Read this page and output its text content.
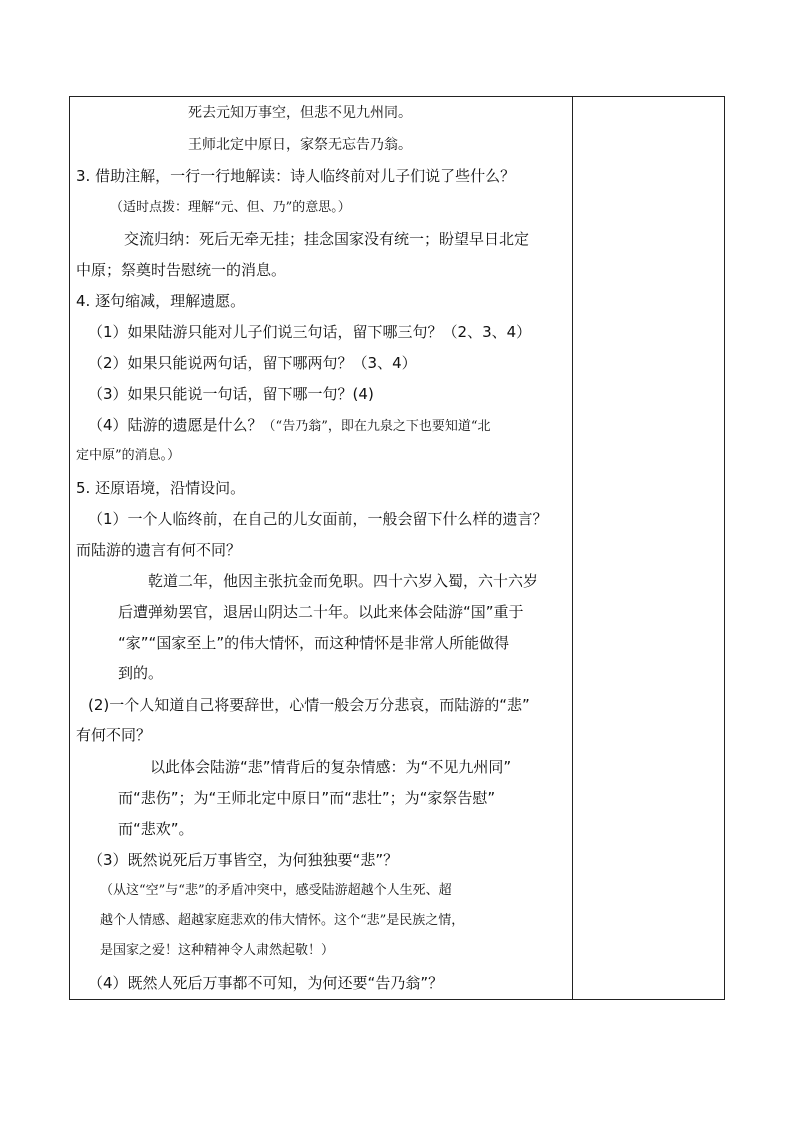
死去元知万事空，但悲不见九州同。
王师北定中原日，家祭无忘告乃翁。
3. 借助注解，一行一行地解读：诗人临终前对儿子们说了些什么？
（适时点拨：理解“元、但、乃”的意思。）
交流归纳：死后无牵无挂；挂念国家没有统一；盼望早日北定
中原；祭奠时告慰统一的消息。
4. 逐句缩减，理解遗愿。
（1）如果陆游只能对儿子们说三句话，留下哪三句？（2、3、4）
（2）如果只能说两句话，留下哪两句？（3、4）
（3）如果只能说一句话，留下哪一句？(4)
（4）陆游的遗愿是什么？（“告乃翁”，即在九泉之下也要知道“北
定中原”的消息。）
5. 还原语境，沿情设问。
（1）一个人临终前，在自己的儿女面前，一般会留下什么样的遗言？
而陆游的遗言有何不同？
乾道二年，他因主张抗金而免职。四十六岁入蜀，六十六岁
后遭弹劾罢官，退居山阴达二十年。以此来体会陆游“国”重于
“家”“国家至上”的伟大情怀，而这种情怀是非常人所能做得
到的。
(2)一个人知道自己将要辞世，心情一般会万分悲哀，而陆游的“悲”
有何不同？
以此体会陆游“悲”情背后的复杂情感：为“不见九州同”
而“悲伤”；为“王师北定中原日”而“悲壮”；为“家祭告慰”
而“悲欢”。
（3）既然说死后万事皆空，为何独独要“悲”？
（从这“空”与“悲”的矛盾冲突中，感受陆游超越个人生死、超
越个人情感、超越家庭悲欢的伟大情怀。这个“悲”是民族之情，
是国家之爱！这种精神令人肃然起敬！）
（4）既然人死后万事都不可知，为何还要“告乃翁”？
